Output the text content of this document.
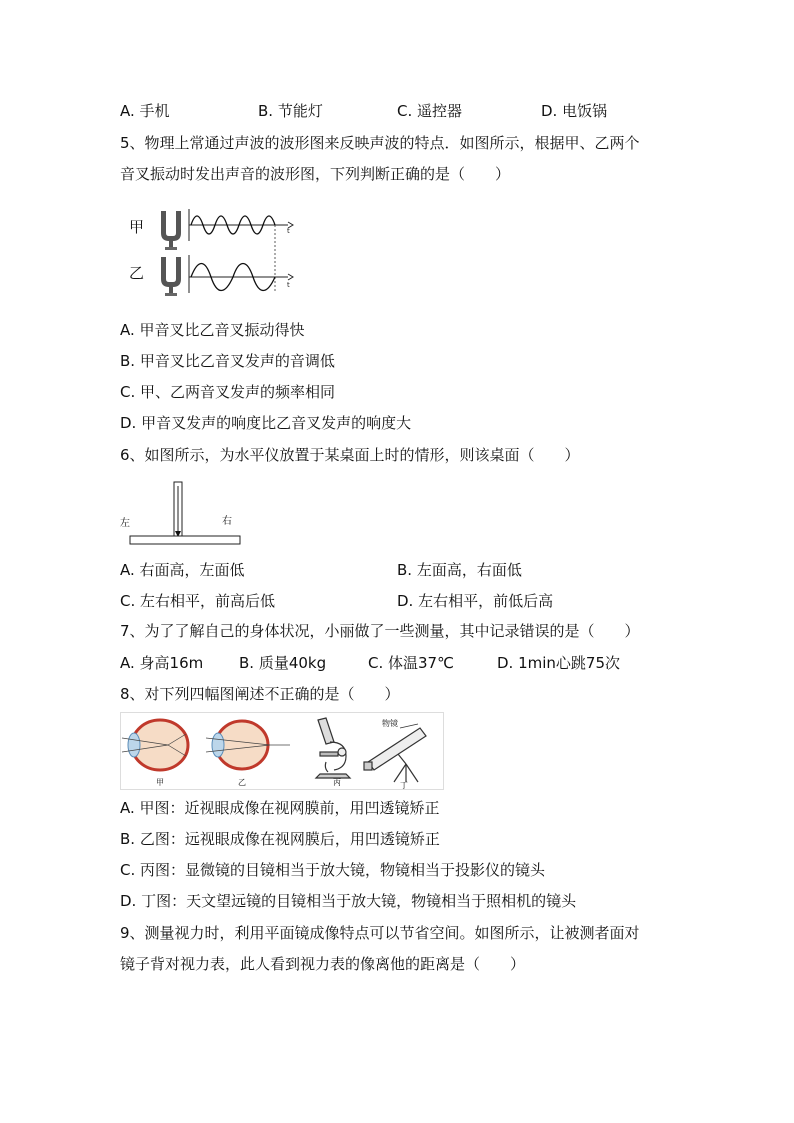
A. 手机	B. 节能灯	C. 遥控器	D. 电饭锅
5、物理上常通过声波的波形图来反映声波的特点．如图所示，根据甲、乙两个
音叉振动时发出声音的波形图，下列判断正确的是（　　）
甲	t
乙
t
A. 甲音叉比乙音叉振动得快
B. 甲音叉比乙音叉发声的音调低
C. 甲、乙两音叉发声的频率相同
D. 甲音叉发声的响度比乙音叉发声的响度大
6、如图所示，为水平仪放置于某桌面上时的情形，则该桌面（　　）
左	右
A. 右面高，左面低	B. 左面高，右面低
C. 左右相平，前高后低	D. 左右相平，前低后高
7、为了了解自己的身体状况，小丽做了一些测量，其中记录错误的是（　　）
A. 身高16m B. 质量40kg	C. 体温37℃	D. 1min心跳75次
8、对下列四幅图阐述不正确的是（　　）
甲	乙	丙
物镜
丁
A. 甲图：近视眼成像在视网膜前，用凹透镜矫正
B. 乙图：远视眼成像在视网膜后，用凹透镜矫正
C. 丙图：显微镜的目镜相当于放大镜，物镜相当于投影仪的镜头
D. 丁图：天文望远镜的目镜相当于放大镜，物镜相当于照相机的镜头
9、测量视力时，利用平面镜成像特点可以节省空间。如图所示，让被测者面对
镜子背对视力表，此人看到视力表的像离他的距离是（　　）
